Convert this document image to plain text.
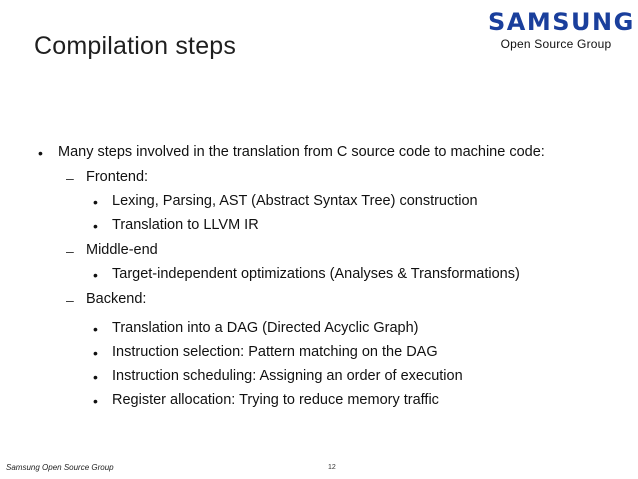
Compilation steps
SAMSUNG
Open Source Group
• Many steps involved in the translation from C source code to machine code:
– Frontend:
• Lexing, Parsing, AST (Abstract Syntax Tree) construction
• Translation to LLVM IR
– Middle-end
• Target-independent optimizations (Analyses & Transformations)
– Backend:
• Translation into a DAG (Directed Acyclic Graph)
• Instruction selection: Pattern matching on the DAG
• Instruction scheduling: Assigning an order of execution
• Register allocation: Trying to reduce memory traffic
Samsung Open Source Group	12
